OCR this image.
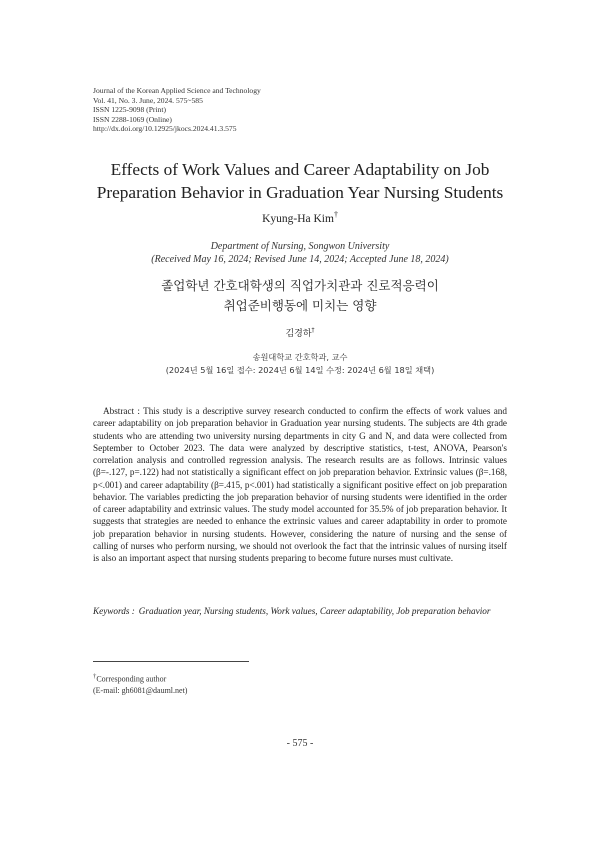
Journal of the Korean Applied Science and Technology
Vol. 41, No. 3. June, 2024. 575~585
ISSN 1225-9098 (Print)
ISSN 2288-1069 (Online)
http://dx.doi.org/10.12925/jkocs.2024.41.3.575
Effects of Work Values and Career Adaptability on Job
Preparation Behavior in Graduation Year Nursing Students
Kyung-Ha Kim†
Department of Nursing, Songwon University
(Received May 16, 2024; Revised June 14, 2024; Accepted June 18, 2024)
졸업학년 간호대학생의 직업가치관과 진로적응력이
취업준비행동에 미치는 영향
김경하†
송원대학교 간호학과, 교수
(2024년 5월 16일 접수: 2024년 6월 14일 수정: 2024년 6월 18일 채택)
Abstract : This study is a descriptive survey research conducted to confirm the effects of work values and career adaptability on job preparation behavior in Graduation year nursing students. The subjects are 4th grade students who are attending two university nursing departments in city G and N, and data were collected from September to October 2023. The data were analyzed by descriptive statistics, t-test, ANOVA, Pearson's correlation analysis and controlled regression analysis. The research results are as follows. Intrinsic values (β=-.127, p=.122) had not statistically a significant effect on job preparation behavior. Extrinsic values (β=.168, p<.001) and career adaptability (β=.415, p<.001) had statistically a significant positive effect on job preparation behavior. The variables predicting the job preparation behavior of nursing students were identified in the order of career adaptability and extrinsic values. The study model accounted for 35.5% of job preparation behavior. It suggests that strategies are needed to enhance the extrinsic values and career adaptability in order to promote job preparation behavior in nursing students. However, considering the nature of nursing and the sense of calling of nurses who perform nursing, we should not overlook the fact that the intrinsic values of nursing itself is also an important aspect that nursing students preparing to become future nurses must cultivate.
Keywords : Graduation year, Nursing students, Work values, Career adaptability, Job preparation behavior
†Corresponding author
(E-mail: gh6081@dauml.net)
- 575 -
